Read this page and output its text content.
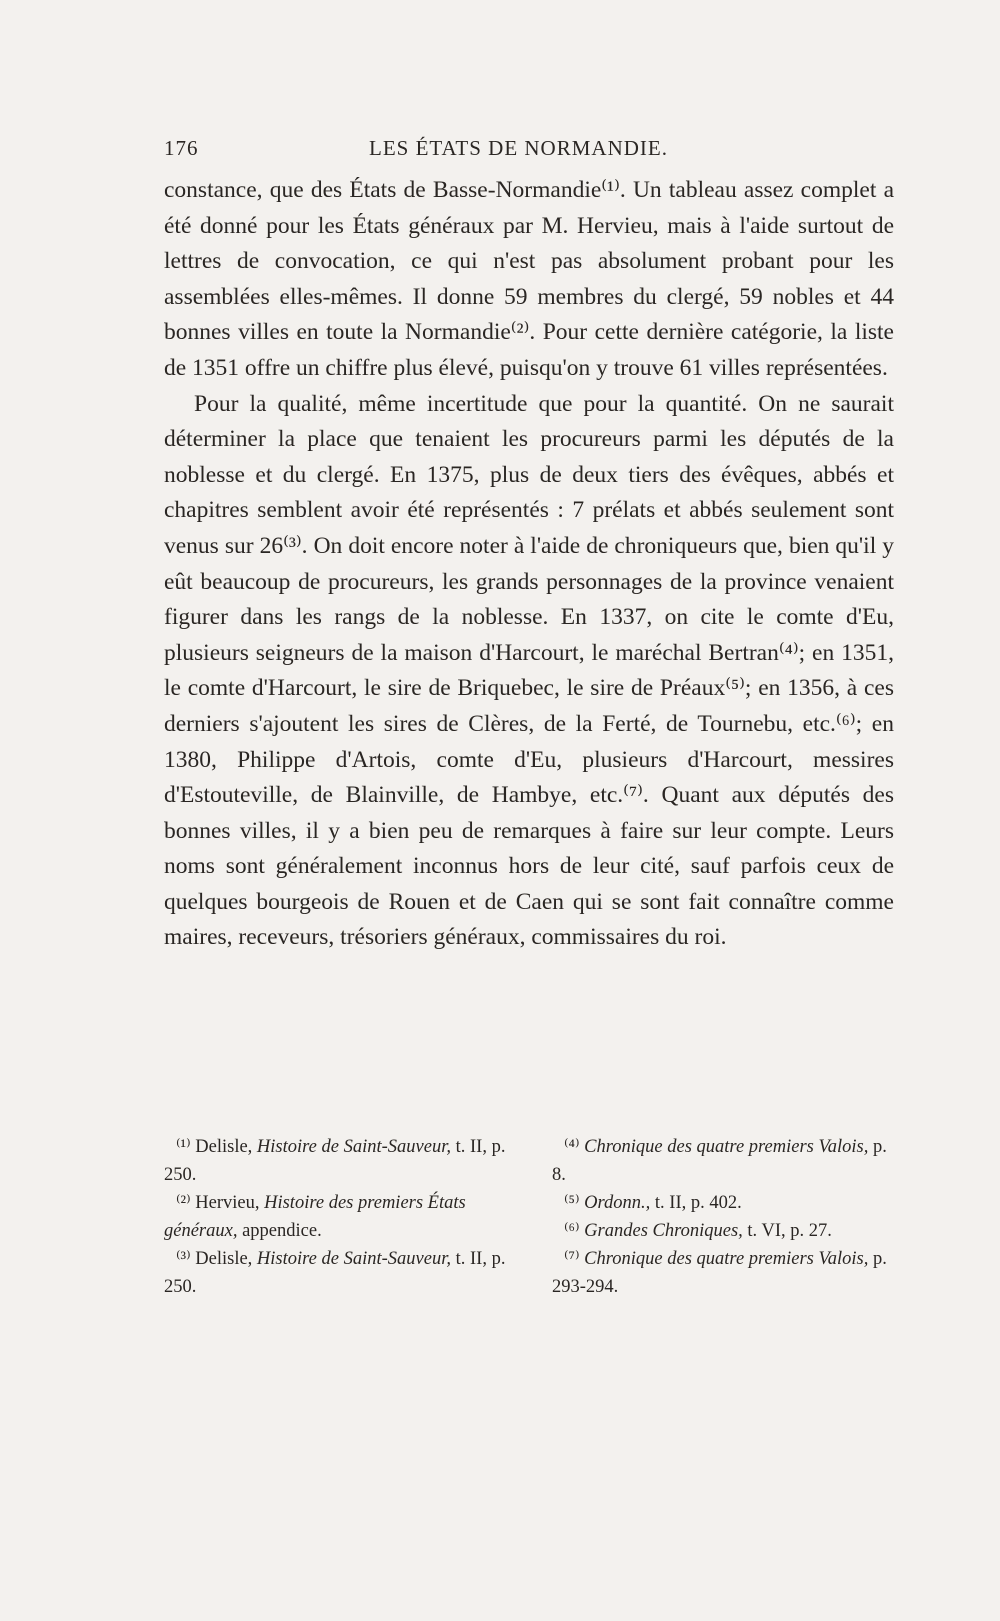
176	LES ÉTATS DE NORMANDIE.

constance, que des États de Basse-Normandie⁽¹⁾. Un tableau assez complet a été donné pour les États généraux par M. Hervieu, mais à l'aide surtout de lettres de convocation, ce qui n'est pas absolument probant pour les assemblées elles-mêmes. Il donne 59 membres du clergé, 59 nobles et 44 bonnes villes en toute la Normandie⁽²⁾. Pour cette dernière catégorie, la liste de 1351 offre un chiffre plus élevé, puisqu'on y trouve 61 villes représentées.

Pour la qualité, même incertitude que pour la quantité. On ne saurait déterminer la place que tenaient les procureurs parmi les députés de la noblesse et du clergé. En 1375, plus de deux tiers des évêques, abbés et chapitres semblent avoir été représentés : 7 prélats et abbés seulement sont venus sur 26⁽³⁾. On doit encore noter à l'aide de chroniqueurs que, bien qu'il y eût beaucoup de procureurs, les grands personnages de la province venaient figurer dans les rangs de la noblesse. En 1337, on cite le comte d'Eu, plusieurs seigneurs de la maison d'Harcourt, le maréchal Bertran⁽⁴⁾; en 1351, le comte d'Harcourt, le sire de Briquebec, le sire de Préaux⁽⁵⁾; en 1356, à ces derniers s'ajoutent les sires de Clères, de la Ferté, de Tournebu, etc.⁽⁶⁾; en 1380, Philippe d'Artois, comte d'Eu, plusieurs d'Harcourt, messires d'Estouteville, de Blainville, de Hambye, etc.⁽⁷⁾. Quant aux députés des bonnes villes, il y a bien peu de remarques à faire sur leur compte. Leurs noms sont généralement inconnus hors de leur cité, sauf parfois ceux de quelques bourgeois de Rouen et de Caen qui se sont fait connaître comme maires, receveurs, trésoriers généraux, commissaires du roi.

⁽¹⁾ Delisle, Histoire de Saint-Sauveur, t. II, p. 250.

⁽²⁾ Hervieu, Histoire des premiers États généraux, appendice.

⁽³⁾ Delisle, Histoire de Saint-Sauveur, t. II, p. 250.

⁽⁴⁾ Chronique des quatre premiers Valois, p. 8.

⁽⁵⁾ Ordonn., t. II, p. 402.

⁽⁶⁾ Grandes Chroniques, t. VI, p. 27.

⁽⁷⁾ Chronique des quatre premiers Valois, p. 293-294.
